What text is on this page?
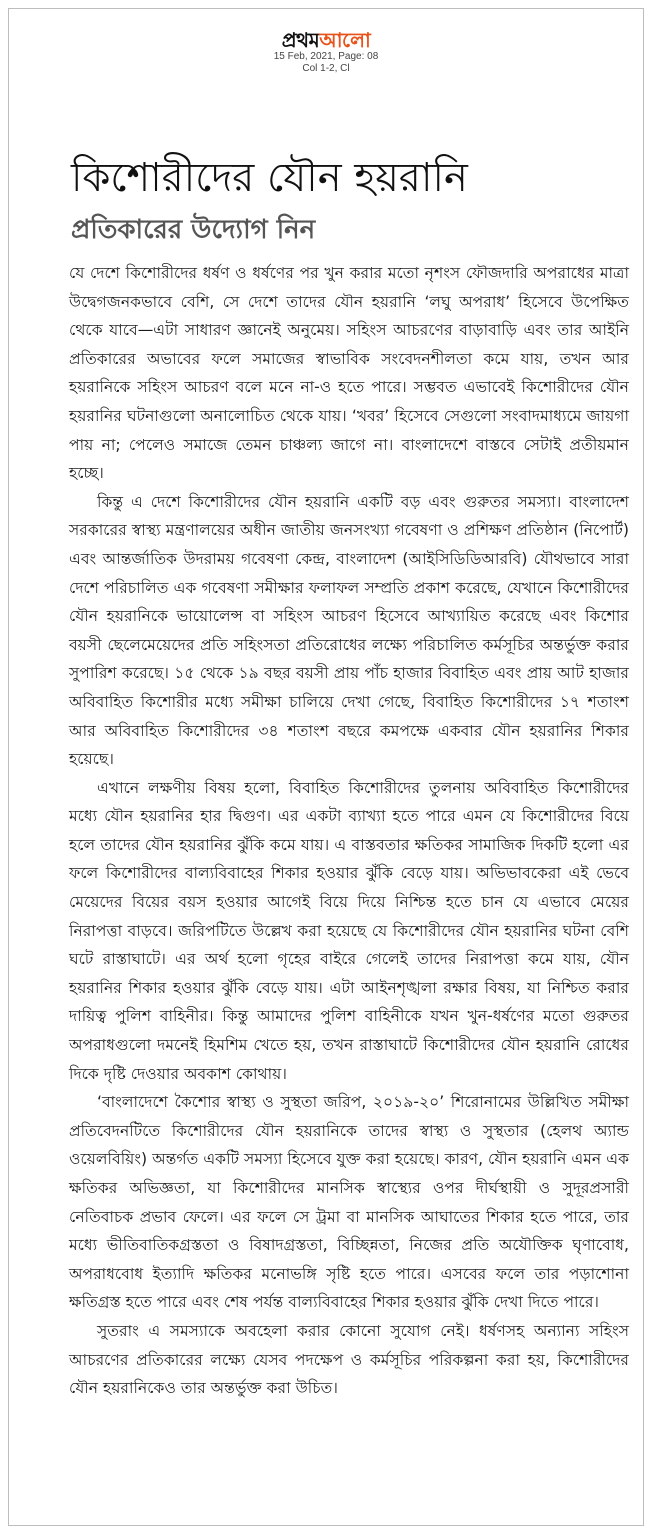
প্রথমআলো
15 Feb, 2021, Page: 08
Col 1-2, Cl
কিশোরীদের যৌন হয়রানি
প্রতিকারের উদ্যোগ নিন

যে দেশে কিশোরীদের ধর্ষণ ও ধর্ষণের পর খুন করার মতো নৃশংস ফৌজদারি অপরাধের মাত্রা উদ্বেগজনকভাবে বেশি, সে দেশে তাদের যৌন হয়রানি ‘লঘু অপরাধ’ হিসেবে উপেক্ষিত থেকে যাবে—এটা সাধারণ জ্ঞানেই অনুমেয়। সহিংস আচরণের বাড়াবাড়ি এবং তার আইনি প্রতিকারের অভাবের ফলে সমাজের স্বাভাবিক সংবেদনশীলতা কমে যায়, তখন আর হয়রানিকে সহিংস আচরণ বলে মনে না-ও হতে পারে। সম্ভবত এভাবেই কিশোরীদের যৌন হয়রানির ঘটনাগুলো অনালোচিত থেকে যায়। ‘খবর’ হিসেবে সেগুলো সংবাদমাধ্যমে জায়গা পায় না; পেলেও সমাজে তেমন চাঞ্চল্য জাগে না। বাংলাদেশে বাস্তবে সেটাই প্রতীয়মান হচ্ছে।

কিন্তু এ দেশে কিশোরীদের যৌন হয়রানি একটি বড় এবং গুরুতর সমস্যা। বাংলাদেশ সরকারের স্বাস্থ্য মন্ত্রণালয়ের অধীন জাতীয় জনসংখ্যা গবেষণা ও প্রশিক্ষণ প্রতিষ্ঠান (নিপোর্ট) এবং আন্তর্জাতিক উদরাময় গবেষণা কেন্দ্র, বাংলাদেশ (আইসিডিডিআরবি) যৌথভাবে সারা দেশে পরিচালিত এক গবেষণা সমীক্ষার ফলাফল সম্প্রতি প্রকাশ করেছে, যেখানে কিশোরীদের যৌন হয়রানিকে ভায়োলেন্স বা সহিংস আচরণ হিসেবে আখ্যায়িত করেছে এবং কিশোর বয়সী ছেলেমেয়েদের প্রতি সহিংসতা প্রতিরোধের লক্ষ্যে পরিচালিত কর্মসূচির অন্তর্ভুক্ত করার সুপারিশ করেছে। ১৫ থেকে ১৯ বছর বয়সী প্রায় পাঁচ হাজার বিবাহিত এবং প্রায় আট হাজার অবিবাহিত কিশোরীর মধ্যে সমীক্ষা চালিয়ে দেখা গেছে, বিবাহিত কিশোরীদের ১৭ শতাংশ আর অবিবাহিত কিশোরীদের ৩৪ শতাংশ বছরে কমপক্ষে একবার যৌন হয়রানির শিকার হয়েছে।

এখানে লক্ষণীয় বিষয় হলো, বিবাহিত কিশোরীদের তুলনায় অবিবাহিত কিশোরীদের মধ্যে যৌন হয়রানির হার দ্বিগুণ। এর একটা ব্যাখ্যা হতে পারে এমন যে কিশোরীদের বিয়ে হলে তাদের যৌন হয়রানির ঝুঁকি কমে যায়। এ বাস্তবতার ক্ষতিকর সামাজিক দিকটি হলো এর ফলে কিশোরীদের বাল্যবিবাহের শিকার হওয়ার ঝুঁকি বেড়ে যায়। অভিভাবকেরা এই ভেবে মেয়েদের বিয়ের বয়স হওয়ার আগেই বিয়ে দিয়ে নিশ্চিন্ত হতে চান যে এভাবে মেয়ের নিরাপত্তা বাড়বে। জরিপটিতে উল্লেখ করা হয়েছে যে কিশোরীদের যৌন হয়রানির ঘটনা বেশি ঘটে রাস্তাঘাটে। এর অর্থ হলো গৃহের বাইরে গেলেই তাদের নিরাপত্তা কমে যায়, যৌন হয়রানির শিকার হওয়ার ঝুঁকি বেড়ে যায়। এটা আইনশৃঙ্খলা রক্ষার বিষয়, যা নিশ্চিত করার দায়িত্ব পুলিশ বাহিনীর। কিন্তু আমাদের পুলিশ বাহিনীকে যখন খুন-ধর্ষণের মতো গুরুতর অপরাধগুলো দমনেই হিমশিম খেতে হয়, তখন রাস্তাঘাটে কিশোরীদের যৌন হয়রানি রোধের দিকে দৃষ্টি দেওয়ার অবকাশ কোথায়।

‘বাংলাদেশে কৈশোর স্বাস্থ্য ও সুস্থতা জরিপ, ২০১৯-২০’ শিরোনামের উল্লিখিত সমীক্ষা প্রতিবেদনটিতে কিশোরীদের যৌন হয়রানিকে তাদের স্বাস্থ্য ও সুস্থতার (হেলথ অ্যান্ড ওয়েলবিয়িং) অন্তর্গত একটি সমস্যা হিসেবে যুক্ত করা হয়েছে। কারণ, যৌন হয়রানি এমন এক ক্ষতিকর অভিজ্ঞতা, যা কিশোরীদের মানসিক স্বাস্থ্যের ওপর দীর্ঘস্থায়ী ও সুদূরপ্রসারী নেতিবাচক প্রভাব ফেলে। এর ফলে সে ট্রমা বা মানসিক আঘাতের শিকার হতে পারে, তার মধ্যে ভীতিবাতিকগ্রস্ততা ও বিষাদগ্রস্ততা, বিচ্ছিন্নতা, নিজের প্রতি অযৌক্তিক ঘৃণাবোধ, অপরাধবোধ ইত্যাদি ক্ষতিকর মনোভঙ্গি সৃষ্টি হতে পারে। এসবের ফলে তার পড়াশোনা ক্ষতিগ্রস্ত হতে পারে এবং শেষ পর্যন্ত বাল্যবিবাহের শিকার হওয়ার ঝুঁকি দেখা দিতে পারে।

সুতরাং এ সমস্যাকে অবহেলা করার কোনো সুযোগ নেই। ধর্ষণসহ অন্যান্য সহিংস আচরণের প্রতিকারের লক্ষ্যে যেসব পদক্ষেপ ও কর্মসূচির পরিকল্পনা করা হয়, কিশোরীদের যৌন হয়রানিকেও তার অন্তর্ভুক্ত করা উচিত।
